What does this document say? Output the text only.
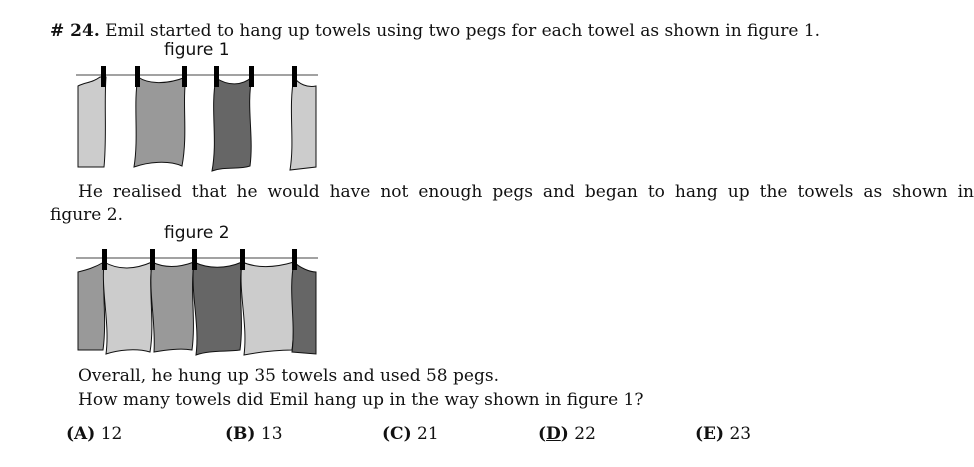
# 24. Emil started to hang up towels using two pegs for each towel as shown in figure 1.
figure 1
He realised that he would have not enough pegs and began to hang up the towels as shown in
figure 2.
figure 2
Overall, he hung up 35 towels and used 58 pegs.
How many towels did Emil hang up in the way shown in figure 1?
(A) 12	(B) 13	(C) 21	(D) 22	(E) 23
